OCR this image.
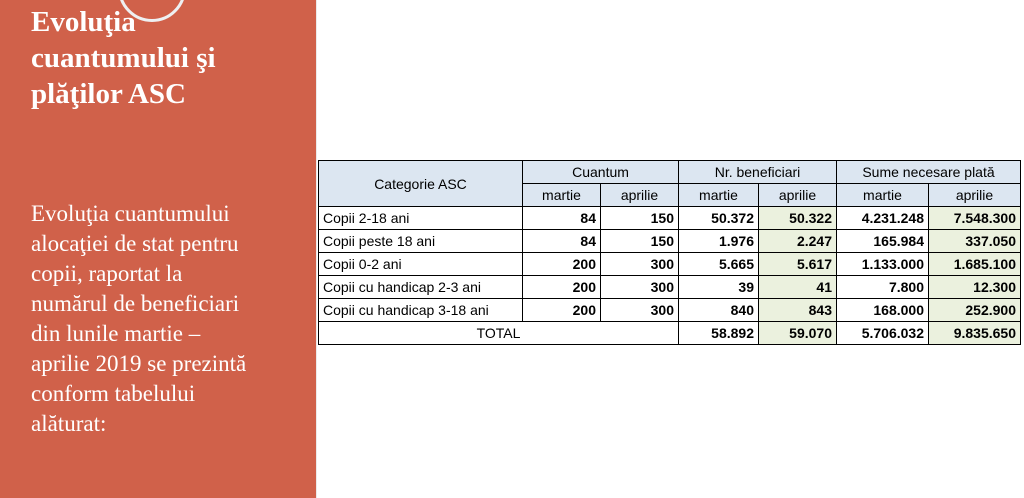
Evoluţia
cuantumului şi
plăţilor ASC

Evoluţia cuantumului
alocaţiei de stat pentru
copii, raportat la
numărul de beneficiari
din lunile martie –
aprilie 2019 se prezintă
conform tabelului
alăturat:

Categorie ASC	Cuantum		Nr. beneficiari		Sume necesare plată	
	martie	aprilie	martie	aprilie	martie	aprilie
Copii 2-18 ani	84	150	50.372	50.322	4.231.248	7.548.300
Copii peste 18 ani	84	150	1.976	2.247	165.984	337.050
Copii 0-2 ani	200	300	5.665	5.617	1.133.000	1.685.100
Copii cu handicap 2-3 ani	200	300	39	41	7.800	12.300
Copii cu handicap 3-18 ani	200	300	840	843	168.000	252.900
TOTAL			58.892	59.070	5.706.032	9.835.650
